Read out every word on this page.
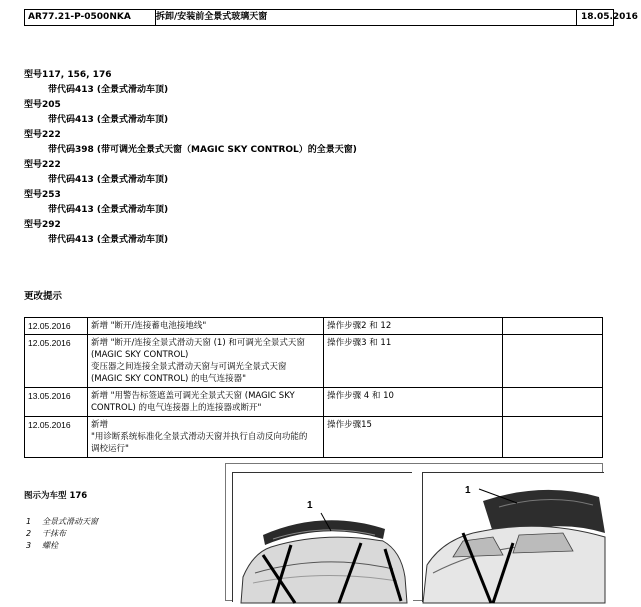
AR77.21-P-0500NKA	拆卸/安装前全景式玻璃天窗	18.05.2016
型号117, 156, 176
带代码413 (全景式滑动车顶)
型号205
带代码413 (全景式滑动车顶)
型号222
带代码398 (带可调光全景式天窗（MAGIC SKY CONTROL）的全景天窗)
型号222
带代码413 (全景式滑动车顶)
型号253
带代码413 (全景式滑动车顶)
型号292
带代码413 (全景式滑动车顶)
更改提示
12.05.2016	新增 "断开/连接蓄电池接地线"	操作步骤2 和 12	
12.05.2016	新增 "断开/连接全景式滑动天窗 (1) 和可调光全景式天窗
(MAGIC SKY CONTROL)
变压器之间连接全景式滑动天窗与可调光全景式天窗
(MAGIC SKY CONTROL) 的电气连接器"	操作步骤3 和 11	
13.05.2016	新增 "用警告标签遮盖可调光全景式天窗 (MAGIC SKY
CONTROL) 的电气连接器上的连接器或断开"	操作步骤 4 和 10	
12.05.2016	新增
"用诊断系统标准化全景式滑动天窗并执行自动反向功能的
调校运行"	操作步骤15	
图示为车型 176
1 全景式滑动天窗
2 干抹布
3 螺栓
1
1
